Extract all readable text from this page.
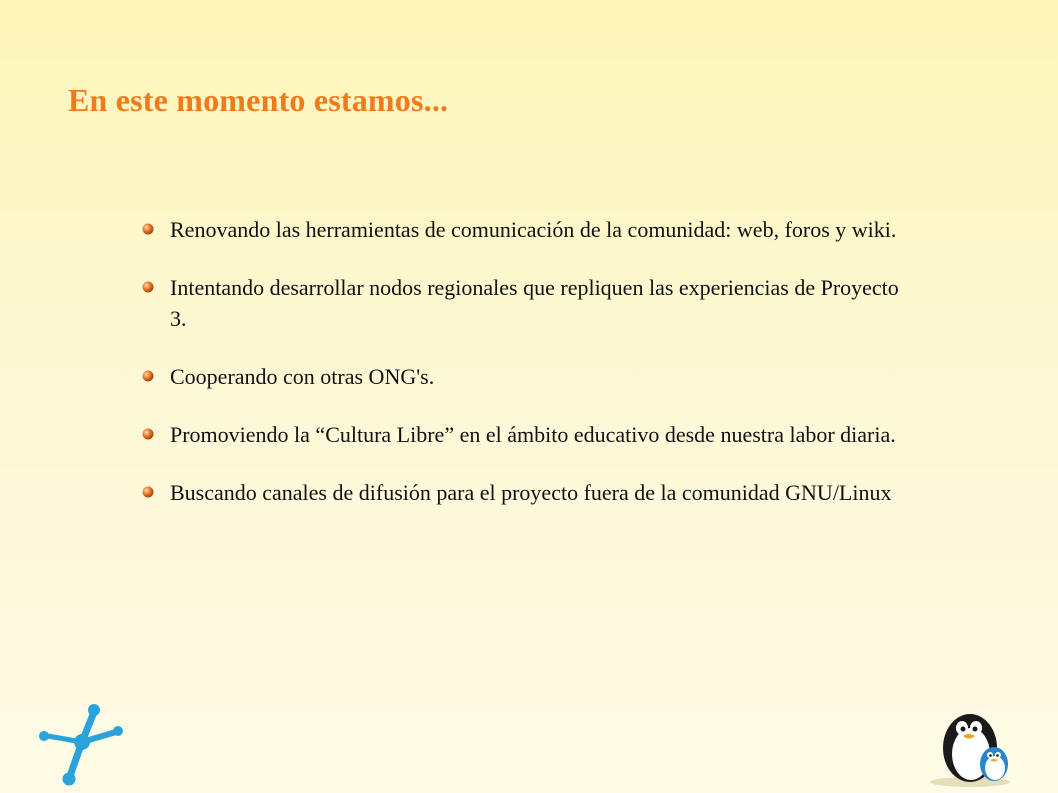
En este momento estamos...
Renovando las herramientas de comunicación de la comunidad: web, foros y wiki.
Intentando desarrollar nodos regionales que repliquen las experiencias de Proyecto 3.
Cooperando con otras ONG's.
Promoviendo la “Cultura Libre” en el ámbito educativo desde nuestra labor diaria.
Buscando canales de difusión para el proyecto fuera de la comunidad GNU/Linux
